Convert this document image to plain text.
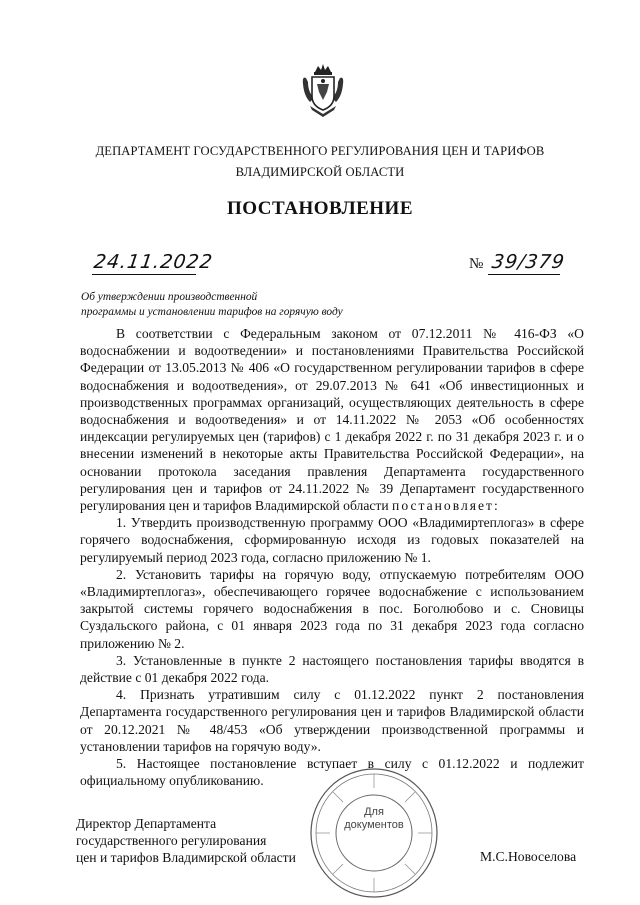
ДЕПАРТАМЕНТ ГОСУДАРСТВЕННОГО РЕГУЛИРОВАНИЯ ЦЕН И ТАРИФОВ
ВЛАДИМИРСКОЙ ОБЛАСТИ
ПОСТАНОВЛЕНИЕ
24.11.2022	№ 39/379
Об утверждении производственной
программы и установлении тарифов на горячую воду

В соответствии с Федеральным законом от 07.12.2011 № 416-ФЗ «О водоснабжении и водоотведении» и постановлениями Правительства Российской Федерации от 13.05.2013 № 406 «О государственном регулировании тарифов в сфере водоснабжения и водоотведения», от 29.07.2013 № 641 «Об инвестиционных и производственных программах организаций, осуществляющих деятельность в сфере водоснабжения и водоотведения» и от 14.11.2022 № 2053 «Об особенностях индексации регулируемых цен (тарифов) с 1 декабря 2022 г. по 31 декабря 2023 г. и о внесении изменений в некоторые акты Правительства Российской Федерации», на основании протокола заседания правления Департамента государственного регулирования цен и тарифов от 24.11.2022 № 39 Департамент государственного регулирования цен и тарифов Владимирской области постановляет:

1. Утвердить производственную программу ООО «Владимиртеплогаз» в сфере горячего водоснабжения, сформированную исходя из годовых показателей на регулируемый период 2023 года, согласно приложению № 1.

2. Установить тарифы на горячую воду, отпускаемую потребителям ООО «Владимиртеплогаз», обеспечивающего горячее водоснабжение с использованием закрытой системы горячего водоснабжения в пос. Боголюбово и с. Сновицы Суздальского района, с 01 января 2023 года по 31 декабря 2023 года согласно приложению № 2.

3. Установленные в пункте 2 настоящего постановления тарифы вводятся в действие с 01 декабря 2022 года.

4. Признать утратившим силу с 01.12.2022 пункт 2 постановления Департамента государственного регулирования цен и тарифов Владимирской области от 20.12.2021 № 48/453 «Об утверждении производственной программы и установлении тарифов на горячую воду».

5. Настоящее постановление вступает в силу с 01.12.2022 и подлежит официальному опубликованию.

Для
документов
Директор Департамента
государственного регулирования
цен и тарифов Владимирской области	М.С.Новоселова
